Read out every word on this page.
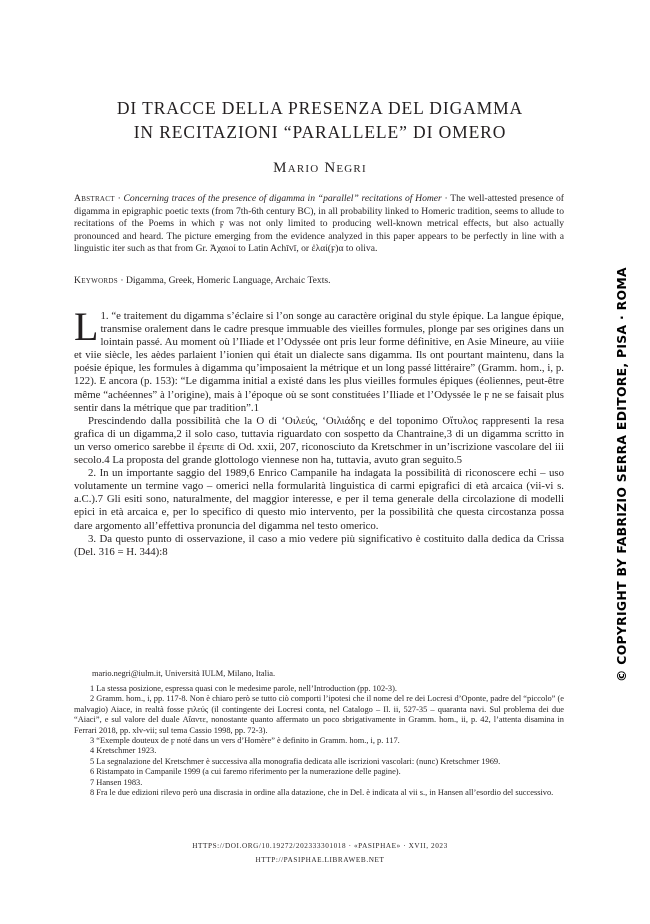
DI TRACCE DELLA PRESENZA DEL DIGAMMA
IN RECITAZIONI “PARALLELE” DI OMERO
Mario Negri

Abstract · Concerning traces of the presence of digamma in “parallel” recitations of Homer · The well-attested presence of digamma in epigraphic poetic texts (from 7th-6th century BC), in all probability linked to Homeric tradition, seems to allude to recitations of the Poems in which ϝ was not only limited to producing well-known metrical effects, but also actually pronounced and heard. The picture emerging from the evidence analyzed in this paper appears to be perfectly in line with a linguistic iter such as that from Gr. Ἀχαιοί to Latin Achīvī, or ἐλαί(ϝ)α to oliva.

Keywords · Digamma, Greek, Homeric Language, Archaic Texts.

1. “
L e traitement du digamma s’éclaire si l’on songe au caractère original du style épique. La langue épique, transmise oralement dans le cadre presque immuable des vieilles formules, plonge par ses origines dans un lointain passé. Au moment où l’Iliade et l’Odyssée ont pris leur forme définitive, en Asie Mineure, au viiie et viie siècle, les aèdes parlaient l’ionien qui était un dialecte sans digamma. Ils ont pourtant maintenu, dans la poésie épique, les formules à digamma qu’imposaient la métrique et un long passé littéraire” (Gramm. hom., i, p. 122). E ancora (p. 153): “Le digamma initial a existé dans les plus vieilles formules épiques (éoliennes, peut-être même “achéennes” à l’origine), mais à l’époque où se sont constituées l’Iliade et l’Odyssée le ϝ ne se faisait plus sentir dans la métrique que par tradition”.1

Prescindendo dalla possibilità che la O di ‘Οιλεύς, ‘Οιλιάδης e del toponimo Οἴτυλος rappresenti la resa grafica di un digamma,2 il solo caso, tuttavia riguardato con sospetto da Chantraine,3 di un digamma scritto in un verso omerico sarebbe il ἐϝειπε di Od. xxii, 207, riconosciuto da Kretschmer in un’iscrizione vascolare del iii secolo.4 La proposta del grande glottologo viennese non ha, tuttavia, avuto gran seguito.5

2. In un importante saggio del 1989,6 Enrico Campanile ha indagata la possibilità di riconoscere echi – uso volutamente un termine vago – omerici nella formularità linguistica di carmi epigrafici di età arcaica (vii-vi s. a.C.).7 Gli esiti sono, naturalmente, del maggior interesse, e per il tema generale della circolazione di modelli epici in età arcaica e, per lo specifico di questo mio intervento, per la possibilità che questa circostanza possa dare argomento all’effettiva pronuncia del digamma nel testo omerico.

3. Da questo punto di osservazione, il caso a mio vedere più significativo è costituito dalla dedica da Crissa (Del. 316 = H. 344):8

mario.negri@iulm.it, Università IULM, Milano, Italia.

1 La stessa posizione, espressa quasi con le medesime parole, nell’Introduction (pp. 102-3).

2 Gramm. hom., i, pp. 117-8. Non è chiaro però se tutto ciò comporti l’ipotesi che il nome del re dei Locresi d’Oponte, padre del “piccolo” (e malvagio) Aiace, in realtà fosse ϝιλεύς (il contingente dei Locresi conta, nel Catalogo – Il. ii, 527-35 – quaranta navi. Sul problema dei due “Aiaci”, e sul valore del duale Αἴαντε, nonostante quanto affermato un poco sbrigativamente in Gramm. hom., ii, p. 42, l’attenta disamina in Ferrari 2018, pp. xlv-vii; sul tema Cassio 1998, pp. 72-3).

3 “Exemple douteux de ϝ noté dans un vers d’Homère” è definito in Gramm. hom., i, p. 117.

4 Kretschmer 1923.

5 La segnalazione del Kretschmer è successiva alla monografia dedicata alle iscrizioni vascolari: (nunc) Kretschmer 1969.

6 Ristampato in Campanile 1999 (a cui faremo riferimento per la numerazione delle pagine).

7 Hansen 1983.

8 Fra le due edizioni rilevo però una discrasia in ordine alla datazione, che in Del. è indicata al vii s., in Hansen all’esordio del successivo.

HTTPS://DOI.ORG/10.19272/202333301018 · «PASIPHAE» · XVII, 2023
HTTP://PASIPHAE.LIBRAWEB.NET
© COPYRIGHT BY FABRIZIO SERRA EDITORE, PISA · ROMA
